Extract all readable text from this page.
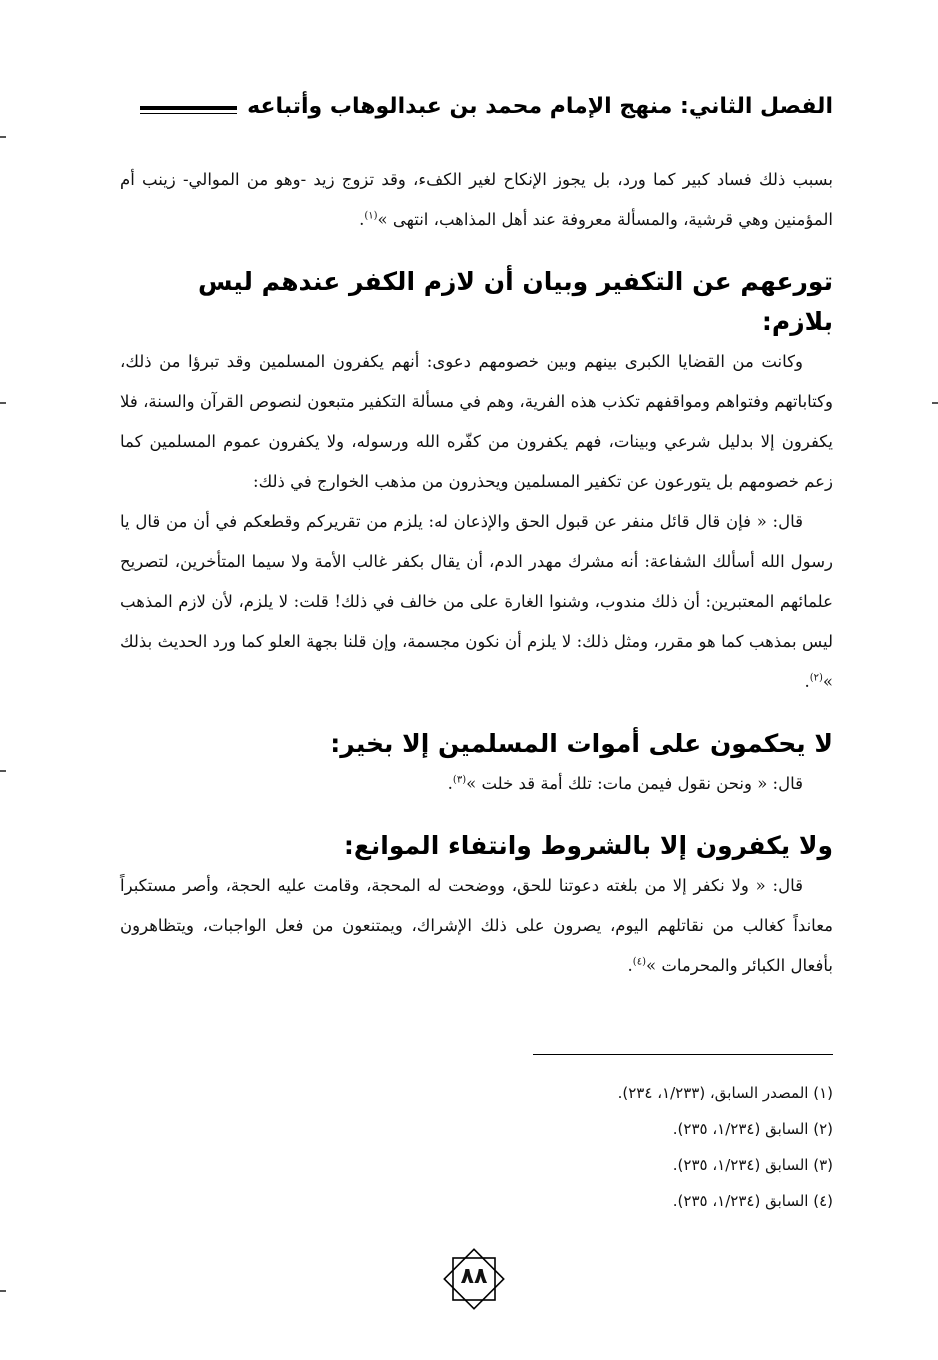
الفصل الثاني: منهج الإمام محمد بن عبدالوهاب وأتباعه

بسبب ذلك فساد كبير كما ورد، بل يجوز الإنكاح لغير الكفء، وقد تزوج زيد -وهو من الموالي- زينب أم المؤمنين وهي قرشية، والمسألة معروفة عند أهل المذاهب، انتهى »$^{(١)}$.

تورعهم عن التكفير وبيان أن لازم الكفر عندهم ليس بلازم:

وكانت من القضايا الكبرى بينهم وبين خصومهم دعوى: أنهم يكفرون المسلمين وقد تبرؤا من ذلك، وكتاباتهم وفتواهم ومواقفهم تكذب هذه الفرية، وهم في مسألة التكفير متبعون لنصوص القرآن والسنة، فلا يكفرون إلا بدليل شرعي وبينات، فهم يكفرون من كفّره الله ورسوله، ولا يكفرون عموم المسلمين كما زعم خصومهم بل يتورعون عن تكفير المسلمين ويحذرون من مذهب الخوارج في ذلك:

قال: « فإن قال قائل منفر عن قبول الحق والإذعان له: يلزم من تقريركم وقطعكم في أن من قال يا رسول الله أسألك الشفاعة: أنه مشرك مهدر الدم، أن يقال بكفر غالب الأمة ولا سيما المتأخرين، لتصريح علمائهم المعتبرين: أن ذلك مندوب، وشنوا الغارة على من خالف في ذلك! قلت: لا يلزم، لأن لازم المذهب ليس بمذهب كما هو مقرر، ومثل ذلك: لا يلزم أن نكون مجسمة، وإن قلنا بجهة العلو كما ورد الحديث بذلك »$^{(٢)}$.

لا يحكمون على أموات المسلمين إلا بخير:

قال: « ونحن نقول فيمن مات: تلك أمة قد خلت »$^{(٣)}$.

ولا يكفرون إلا بالشروط وانتفاء الموانع:

قال: « ولا نكفر إلا من بلغته دعوتنا للحق، ووضحت له المحجة، وقامت عليه الحجة، وأصر مستكبراً معانداً كغالب من نقاتلهم اليوم، يصرون على ذلك الإشراك، ويمتنعون من فعل الواجبات، ويتظاهرون بأفعال الكبائر والمحرمات »$^{(٤)}$.

(١) المصدر السابق، (١/٢٣٣، ٢٣٤).

(٢) السابق (١/٢٣٤، ٢٣٥).

(٣) السابق (١/٢٣٤، ٢٣٥).

(٤) السابق (١/٢٣٤، ٢٣٥).

٨٨
